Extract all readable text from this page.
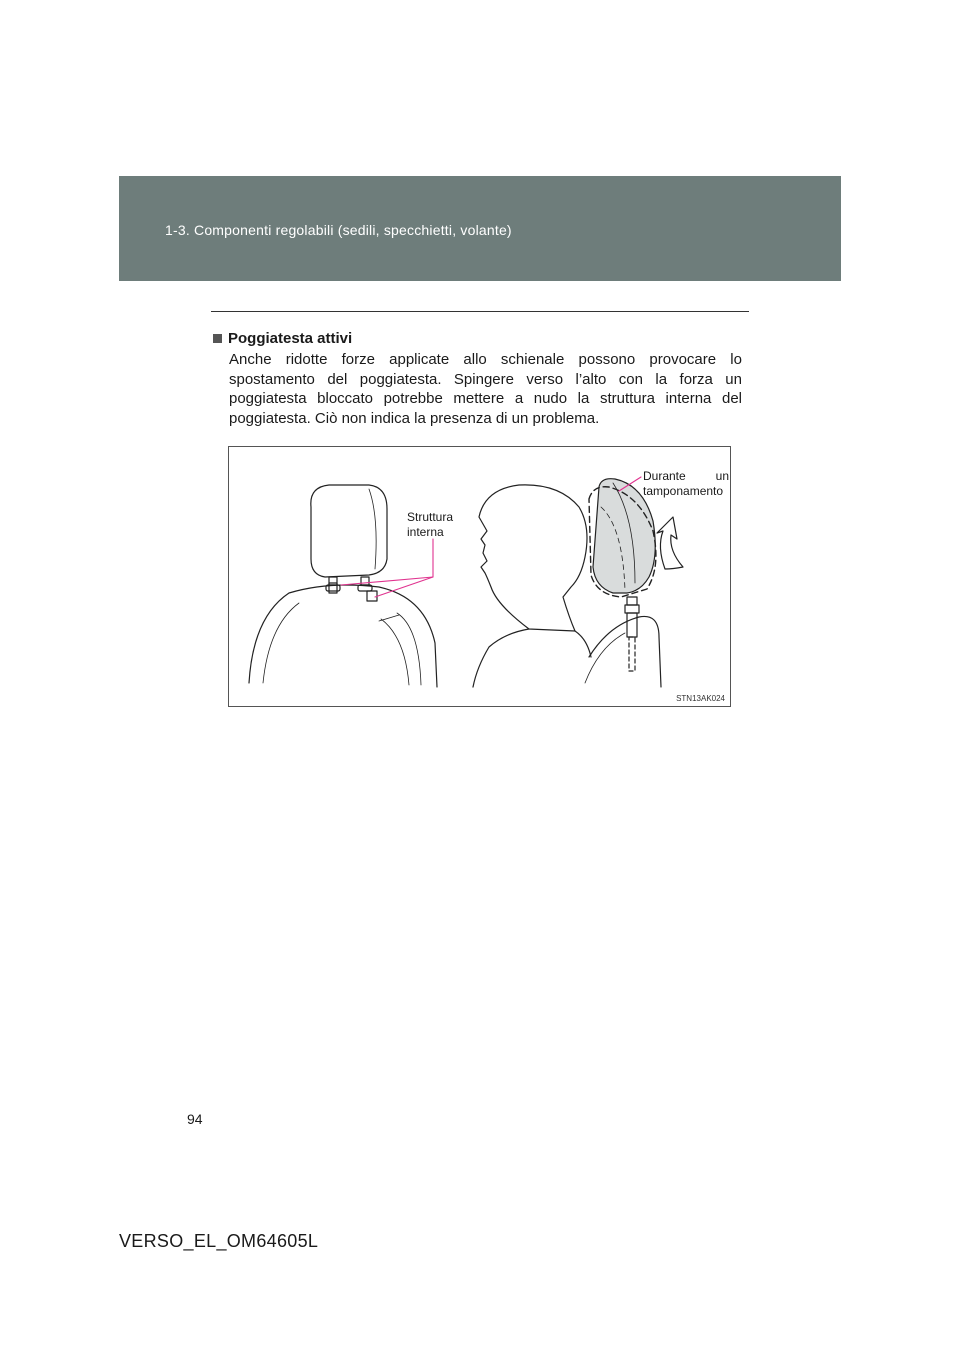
1-3. Componenti regolabili (sedili, specchietti, volante)
Poggiatesta attivi
Anche ridotte forze applicate allo schienale possono provocare lo spostamento del poggiatesta. Spingere verso l’alto con la forza un poggiatesta bloccato potrebbe mettere a nudo la struttura interna del poggiatesta. Ciò non indica la presenza di un problema.
Struttura
interna
Durante un
tamponamento
STN13AK024
94
VERSO_EL_OM64605L
